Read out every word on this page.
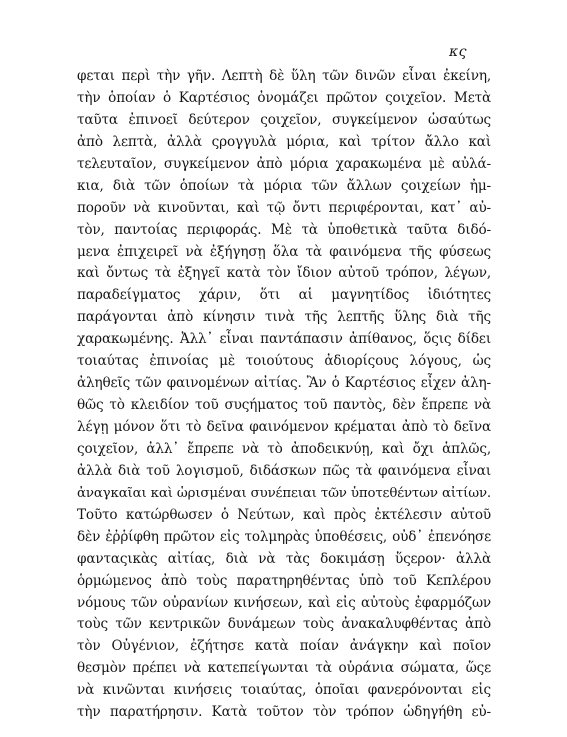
κς
φεται περὶ τὴν γῆν. Λεπτὴ δὲ ὕλη τῶν δινῶν εἶναι ἐκείνη,
τὴν ὁποίαν ὁ Καρτέσιος ὀνομάζει πρῶτον ςοιχεῖον. Μετὰ
ταῦτα ἐπινοεῖ δεύτερον ςοιχεῖον, συγκείμενον ὡσαύτως
ἀπὸ λεπτὰ, ἀλλὰ ςρογγυλὰ μόρια, καὶ τρίτον ἄλλο καὶ
τελευταῖον, συγκείμενον ἀπὸ μόρια χαρακωμένα μὲ αὐλά-
κια, διὰ τῶν ὁποίων τὰ μόρια τῶν ἄλλων ςοιχείων ἠμ-
ποροῦν νὰ κινοῦνται, καὶ τῷ ὄντι περιφέρονται, κατ᾽ αὐ-
τὸν, παντοίας περιφοράς. Μὲ τὰ ὑποθετικὰ ταῦτα διδό-
μενα ἐπιχειρεῖ νὰ ἐξήγησῃ ὅλα τὰ φαινόμενα τῆς φύσεως
καὶ ὄντως τὰ ἐξηγεῖ κατὰ τὸν ἴδιον αὐτοῦ τρόπον, λέγων,
παραδείγματος χάριν, ὅτι αἱ μαγνητίδος ἰδιότητες
παράγονται ἀπὸ κίνησιν τινὰ τῆς λεπτῆς ὕλης διὰ τῆς
χαρακωμένης. Ἀλλ᾽ εἶναι παντάπασιν ἀπίθανος, ὅςις δίδει
τοιαύτας ἐπινοίας μὲ τοιούτους ἀδιορίςους λόγους, ὡς
ἀληθεῖς τῶν φαινομένων αἰτίας. Ἂν ὁ Καρτέσιος εἶχεν ἀλη-
θῶς τὸ κλειδίον τοῦ συςήματος τοῦ παντὸς, δὲν ἔπρεπε νὰ
λέγῃ μόνον ὅτι τὸ δεῖνα φαινόμενον κρέμαται ἀπὸ τὸ δεῖνα
ςοιχεῖον, ἀλλ᾽ ἔπρεπε νὰ τὸ ἀποδεικνύῃ, καὶ ὄχι ἁπλῶς,
ἀλλὰ διὰ τοῦ λογισμοῦ, διδάσκων πῶς τὰ φαινόμενα εἶναι
ἀναγκαῖαι καὶ ὡρισμέναι συνέπειαι τῶν ὑποτεθέντων αἰτίων.
Τοῦτο κατώρθωσεν ὁ Νεύτων, καὶ πρὸς ἐκτέλεσιν αὐτοῦ
δὲν ἐῤῥίφθη πρῶτον εἰς τολμηρὰς ὑποθέσεις, οὐδ᾽ ἐπενόησε
φανταςικὰς αἰτίας, διὰ νὰ τὰς δοκιμάσῃ ὕςερον· ἀλλὰ
ὁρμώμενος ἀπὸ τοὺς παρατηρηθέντας ὑπὸ τοῦ Κεπλέρου
νόμους τῶν οὐρανίων κινήσεων, καὶ εἰς αὐτοὺς ἐφαρμόζων
τοὺς τῶν κεντρικῶν δυνάμεων τοὺς ἀνακαλυφθέντας ἀπὸ
τὸν Οὐγένιον, ἐζήτησε κατὰ ποίαν ἀνάγκην καὶ ποῖον
θεσμὸν πρέπει νὰ κατεπείγωνται τὰ οὐράνια σώματα, ὥςε
νὰ κινῶνται κινήσεις τοιαύτας, ὁποῖαι φανερόνονται εἰς
τὴν παρατήρησιν. Κατὰ τοῦτον τὸν τρόπον ὡδηγήθη εὐ-
